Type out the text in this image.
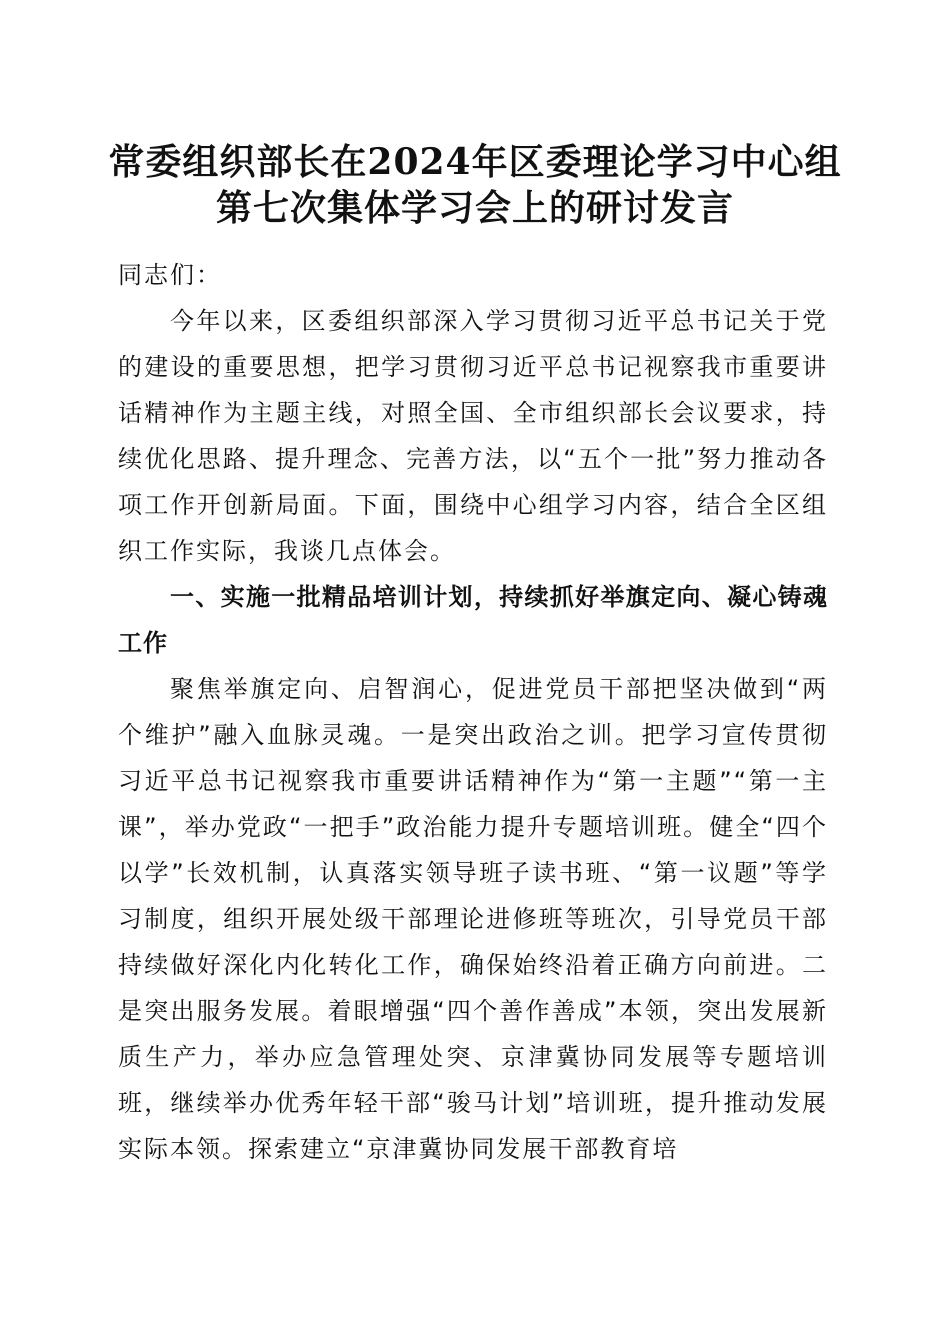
常委组织部长在2024年区委理论学习中心组
第七次集体学习会上的研讨发言

同志们：

今年以来，区委组织部深入学习贯彻习近平总书记关于党的建设的重要思想，把学习贯彻习近平总书记视察我市重要讲话精神作为主题主线，对照全国、全市组织部长会议要求，持续优化思路、提升理念、完善方法，以“五个一批”努力推动各项工作开创新局面。下面，围绕中心组学习内容，结合全区组织工作实际，我谈几点体会。

一、实施一批精品培训计划，持续抓好举旗定向、凝心铸魂工作

聚焦举旗定向、启智润心，促进党员干部把坚决做到“两个维护”融入血脉灵魂。一是突出政治之训。把学习宣传贯彻习近平总书记视察我市重要讲话精神作为“第一主题”“第一主课”，举办党政“一把手”政治能力提升专题培训班。健全“四个以学”长效机制，认真落实领导班子读书班、“第一议题”等学习制度，组织开展处级干部理论进修班等班次，引导党员干部持续做好深化内化转化工作，确保始终沿着正确方向前进。二是突出服务发展。着眼增强“四个善作善成”本领，突出发展新质生产力，举办应急管理处突、京津冀协同发展等专题培训班，继续举办优秀年轻干部“骏马计划”培训班，提升推动发展实际本领。探索建立“京津冀协同发展干部教育培
